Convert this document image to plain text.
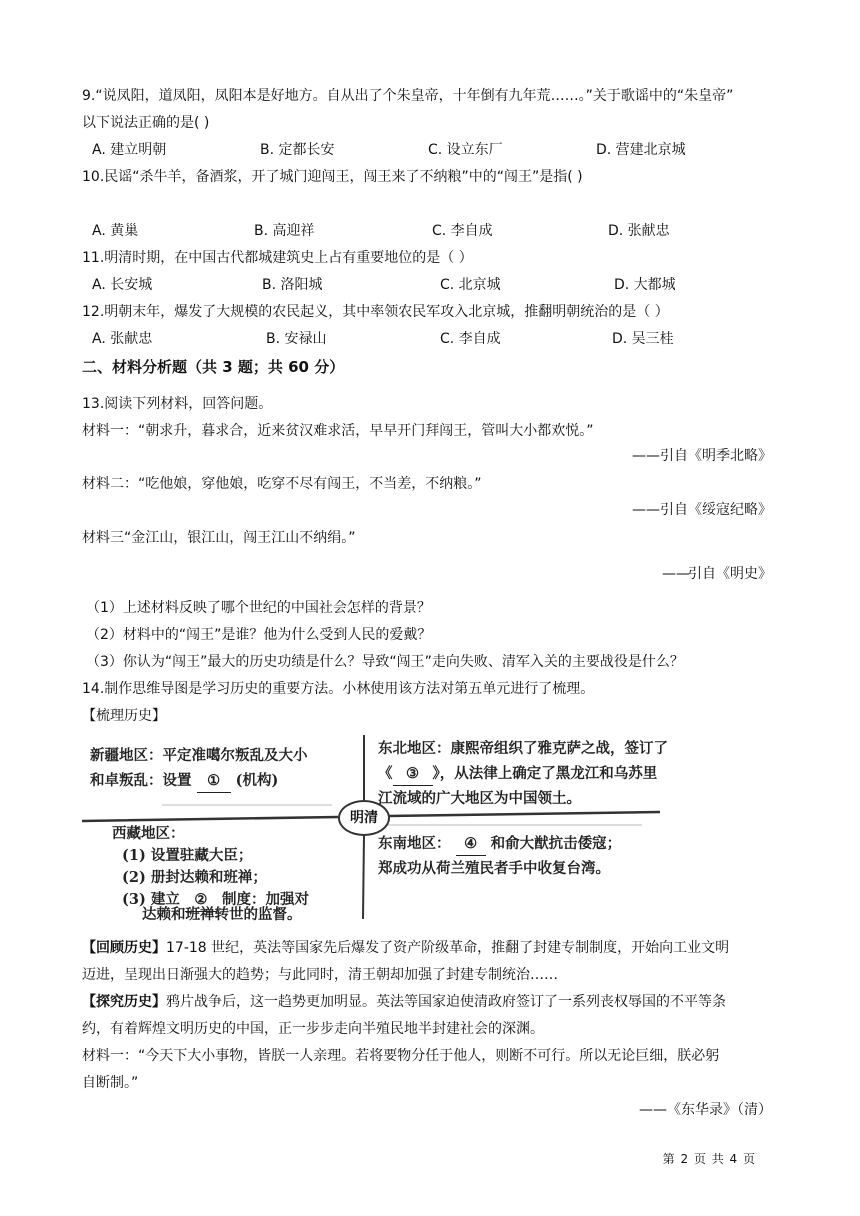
9.“说凤阳，道凤阳，凤阳本是好地方。自从出了个朱皇帝，十年倒有九年荒……。”关于歌谣中的“朱皇帝”
以下说法正确的是( )
A. 建立明朝	B. 定都长安	C. 设立东厂	D. 营建北京城
10.民谣“杀牛羊，备酒浆，开了城门迎闯王，闯王来了不纳粮”中的“闯王”是指( )
A. 黄巢	B. 高迎祥	C. 李自成	D. 张献忠
11.明清时期，在中国古代都城建筑史上占有重要地位的是（ ）
A. 长安城	B. 洛阳城	C. 北京城	D. 大都城
12.明朝末年，爆发了大规模的农民起义，其中率领农民军攻入北京城，推翻明朝统治的是（ ）
A. 张献忠	B. 安禄山	C. 李自成	D. 吴三桂
二、材料分析题（共 3 题；共 60 分）
13.阅读下列材料，回答问题。
材料一：“朝求升，暮求合，近来贫汉难求活，早早开门拜闯王，管叫大小都欢悦。”
——引自《明季北略》
材料二：“吃他娘，穿他娘，吃穿不尽有闯王，不当差，不纳粮。”
——引自《绥寇纪略》
材料三“金江山，银江山，闯王江山不纳绢。”
——
引自《明史》
（1）上述材料反映了哪个世纪的中国社会怎样的背景？
（2）材料中的“闯王”是谁？他为什么受到人民的爱戴？
（3）你认为“闯王”最大的历史功绩是什么？导致“闯王”走向失败、清军入关的主要战役是什么？
14.制作思维导图是学习历史的重要方法。小林使用该方法对第五单元进行了梳理。
【梳理历史】
明清
新疆地区：平定准噶尔叛乱及大小
和卓叛乱：设置 ① (机构)
东北地区：康熙帝组织了雅克萨之战，签订了
《 ③ 》，从法律上确定了黑龙江和乌苏里
江流域的广大地区为中国领土。
西藏地区：
(1) 设置驻藏大臣；
(2) 册封达赖和班禅；
(3) 建立 ② 制度：加强对
达赖和班禅转世的监督。
东南地区： ④ 和俞大猷抗击倭寇；
郑成功从荷兰殖民者手中收复台湾。
【回顾历史】17-18 世纪，英法等国家先后爆发了资产阶级革命，推翻了封建专制制度，开始向工业文明
迈进，呈现出日渐强大的趋势；与此同时，清王朝却加强了封建专制统治……
【探究历史】鸦片战争后，这一趋势更加明显。英法等国家迫使清政府签订了一系列丧权辱国的不平等条
约，有着辉煌文明历史的中国，正一步步走向半殖民地半封建社会的深渊。
材料一：“今天下大小事物，皆朕一人亲理。若将要物分任于他人，则断不可行。所以无论巨细，朕必躬
自断制。”
——《东华录》（清）
第 2 页 共 4 页
